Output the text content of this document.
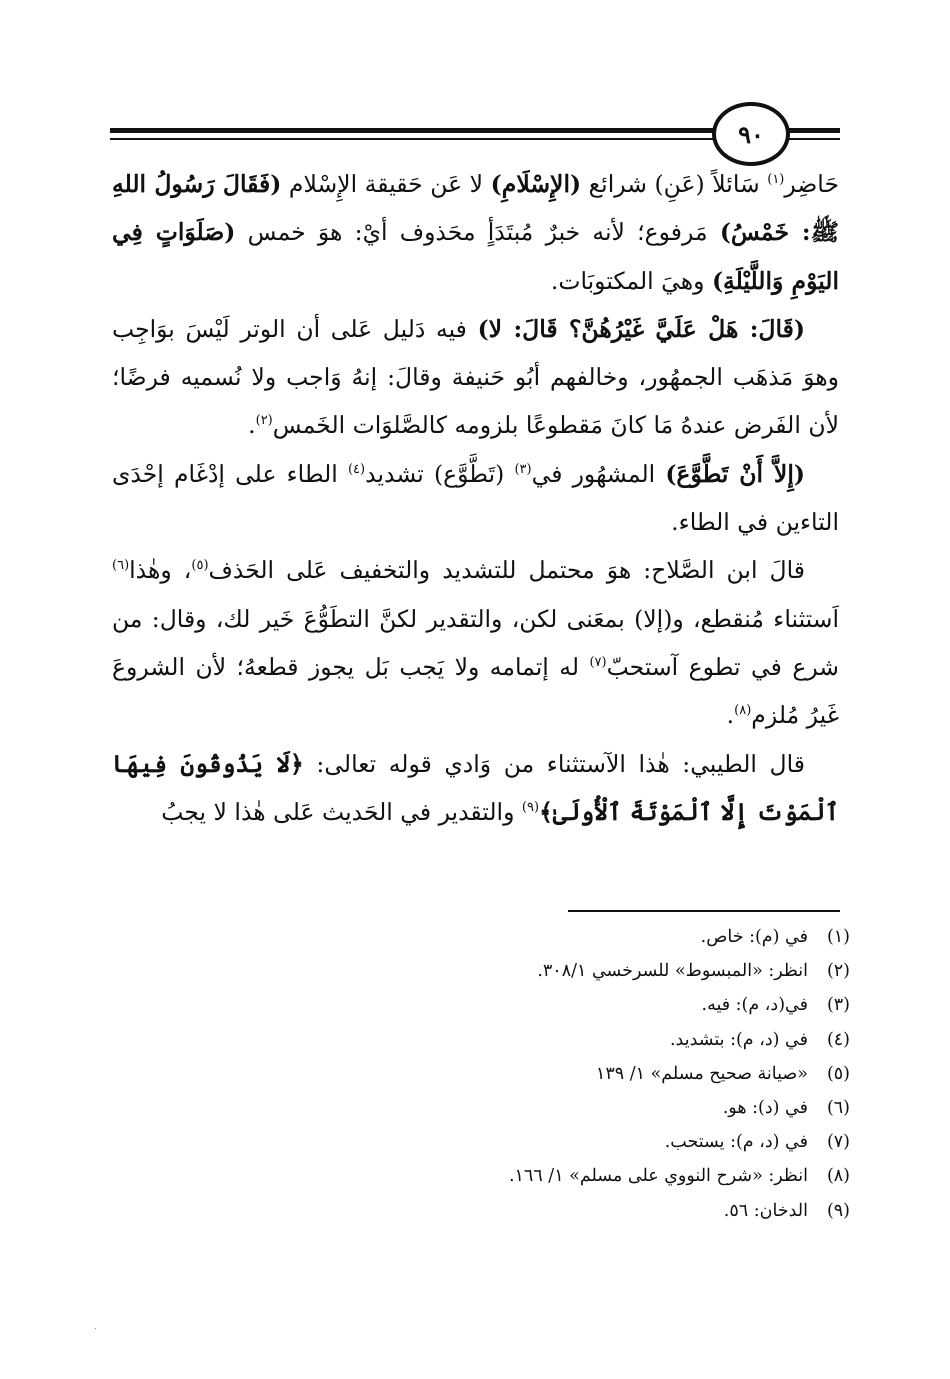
٩٠

حَاضِر$^{(١)}$ سَائلاً (عَنِ) شرائع (الإِسْلَامِ) لا عَن حَقيقة الإِسْلام (فَقَالَ رَسُولُ اللهِ ﷺ: خَمْسُ) مَرفوع؛ لأنه خبرٌ مُبتَدَأٍ محَذوف أيْ: هوَ خمس (صَلَوَاتٍ فِي اليَوْمِ وَاللَّيْلَةِ) وهيَ المكتوبَات.

(قَالَ: هَلْ عَلَيَّ غَيْرُهُنَّ؟ قَالَ: لا) فيه دَليل عَلى أن الوتر لَيْسَ بوَاجِب وهوَ مَذهَب الجمهُور، وخالفهم أبُو حَنيفة وقالَ: إنهُ وَاجب ولا نُسميه فرضًا؛ لأن الفَرض عندهُ مَا كانَ مَقطوعًا بلزومه كالصَّلوَات الخَمس$^{(٢)}$.

(إِلاَّ أَنْ تَطَّوَّعَ) المشهُور في$^{(٣)}$ (تَطَّوَّع) تشديد$^{(٤)}$ الطاء على إدْغَام إحْدَى التاءين في الطاء.

قالَ ابن الصَّلاح: هوَ محتمل للتشديد والتخفيف عَلى الحَذف$^{(٥)}$، وهٰذا$^{(٦)}$ اَستثناء مُنقطع، و(إلا) بمعَنى لكن، والتقدير لكنَّ التطَوُّعَ خَير لك، وقال: من شرع في تطوع آستحبّ$^{(٧)}$ له إتمامه ولا يَجب بَل يجوز قطعهُ؛ لأن الشروعَ غَيرُ مُلزم$^{(٨)}$.

قال الطيبي: هٰذا الآستثناء من وَادي قوله تعالى: ﴿لَا يَذُوقُونَ فِيهَا ٱلْمَوْتَ إِلَّا ٱلْمَوْتَةَ ٱلْأُولَىٰ﴾$^{(٩)}$ والتقدير في الحَديث عَلى هٰذا لا يجبُ

(١)
في (م): خاص.
(٢)
انظر: «المبسوط» للسرخسي ٣٠٨/١.
(٣)
في(د، م): فيه.
(٤)
في (د، م): بتشديد.
(٥)
«صيانة صحيح مسلم» ١/ ١٣٩
(٦)
في (د): هو.
(٧)
في (د، م): يستحب.
(٨)
انظر: «شرح النووي على مسلم» ١/ ١٦٦.
(٩)
الدخان: ٥٦.
